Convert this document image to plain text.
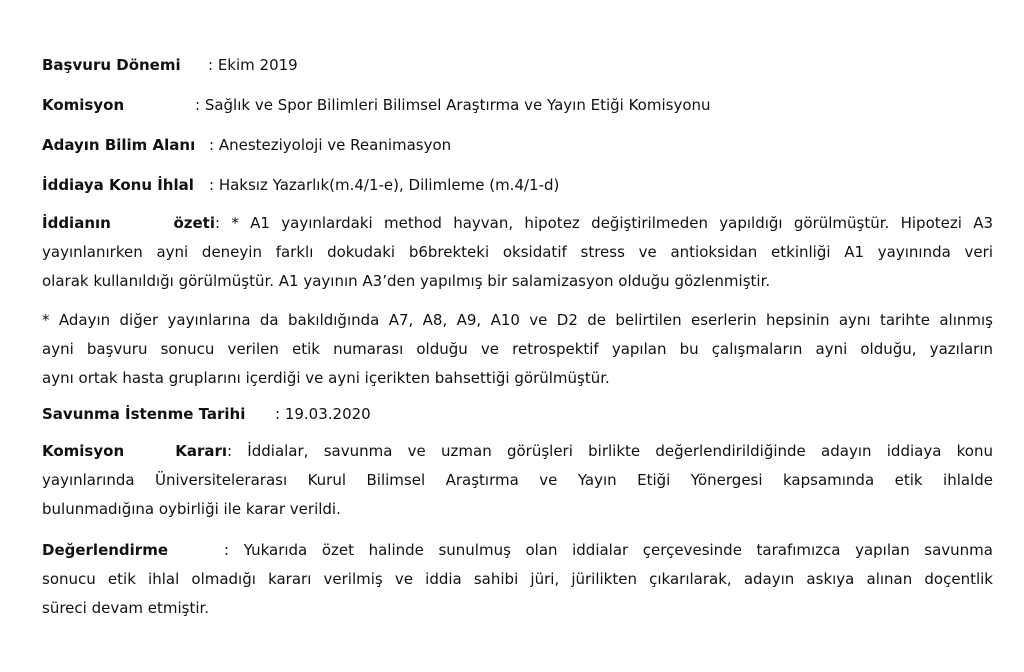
Başvuru Dönemi : Ekim 2019

Komisyon	: Sağlık ve Spor Bilimleri Bilimsel Araştırma ve Yayın Etiği Komisyonu

Adayın Bilim Alanı : Anesteziyoloji ve Reanimasyon

İddiaya Konu İhlal : Haksız Yazarlık(m.4/1-e), Dilimleme (m.4/1-d)

İddianın özeti: * A1 yayınlardaki method hayvan, hipotez değiştirilmeden yapıldığı görülmüştür. Hipotezi A3
yayınlanırken ayni deneyin farklı dokudaki b6brekteki oksidatif stress ve antioksidan etkinliği A1 yayınında veri
olarak kullanıldığı görülmüştür. A1 yayının A3’den yapılmış bir salamizasyon olduğu gözlenmiştir.
* Adayın diğer yayınlarına da bakıldığında A7, A8, A9, A10 ve D2 de belirtilen eserlerin hepsinin aynı tarihte alınmış
ayni başvuru sonucu verilen etik numarası olduğu ve retrospektif yapılan bu çalışmaların ayni olduğu, yazıların
aynı ortak hasta gruplarını içerdiği ve ayni içerikten bahsettiği görülmüştür.

Savunma İstenme Tarihi : 19.03.2020

Komisyon Kararı: İddialar, savunma ve uzman görüşleri birlikte değerlendirildiğinde adayın iddiaya konu
yayınlarında Üniversitelerarası Kurul Bilimsel Araştırma ve Yayın Etiği Yönergesi kapsamında etik ihlalde
bulunmadığına oybirliği ile karar verildi.
Değerlendirme	: Yukarıda özet halinde sunulmuş olan iddialar çerçevesinde tarafımızca yapılan savunma
sonucu etik ihlal olmadığı kararı verilmiş ve iddia sahibi jüri, jürilikten çıkarılarak, adayın askıya alınan doçentlik
süreci devam etmiştir.
